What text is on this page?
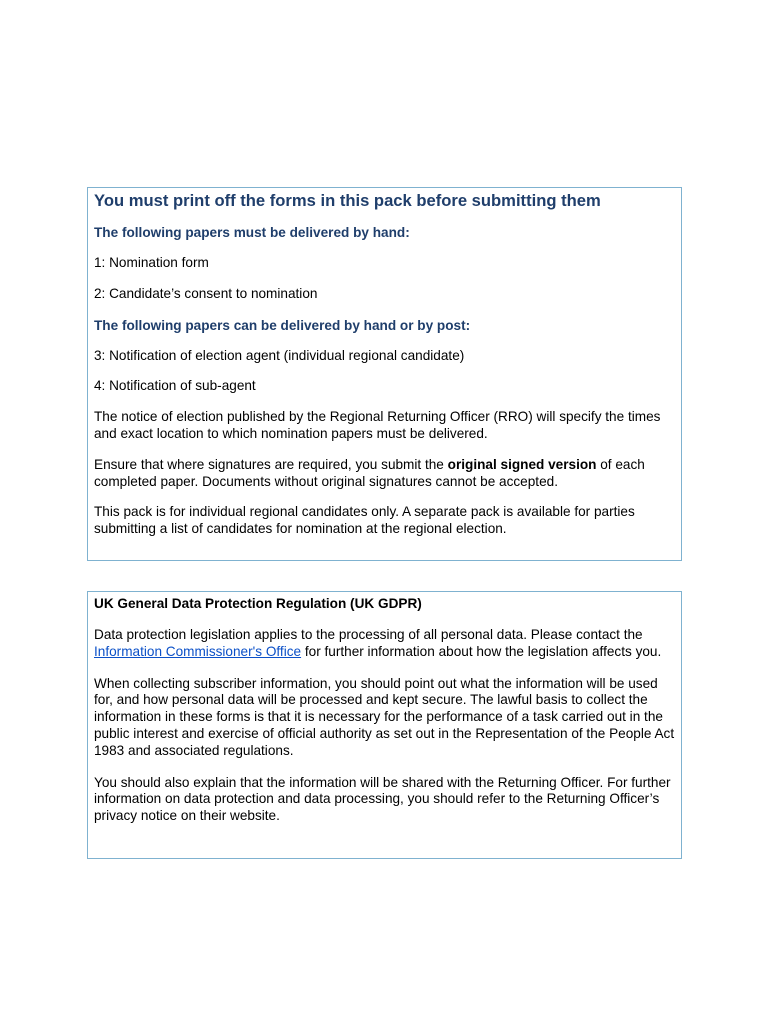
You must print off the forms in this pack before submitting them
The following papers must be delivered by hand:

1: Nomination form

2: Candidate’s consent to nomination

The following papers can be delivered by hand or by post:

3: Notification of election agent (individual regional candidate)

4: Notification of sub-agent

The notice of election published by the Regional Returning Officer (RRO) will specify the times and exact location to which nomination papers must be delivered.

Ensure that where signatures are required, you submit the original signed version of each completed paper. Documents without original signatures cannot be accepted.

This pack is for individual regional candidates only. A separate pack is available for parties submitting a list of candidates for nomination at the regional election.

UK General Data Protection Regulation (UK GDPR)

Data protection legislation applies to the processing of all personal data. Please contact the Information Commissioner's Office for further information about how the legislation affects you.

When collecting subscriber information, you should point out what the information will be used for, and how personal data will be processed and kept secure. The lawful basis to collect the information in these forms is that it is necessary for the performance of a task carried out in the public interest and exercise of official authority as set out in the Representation of the People Act 1983 and associated regulations.

You should also explain that the information will be shared with the Returning Officer. For further information on data protection and data processing, you should refer to the Returning Officer’s privacy notice on their website.
